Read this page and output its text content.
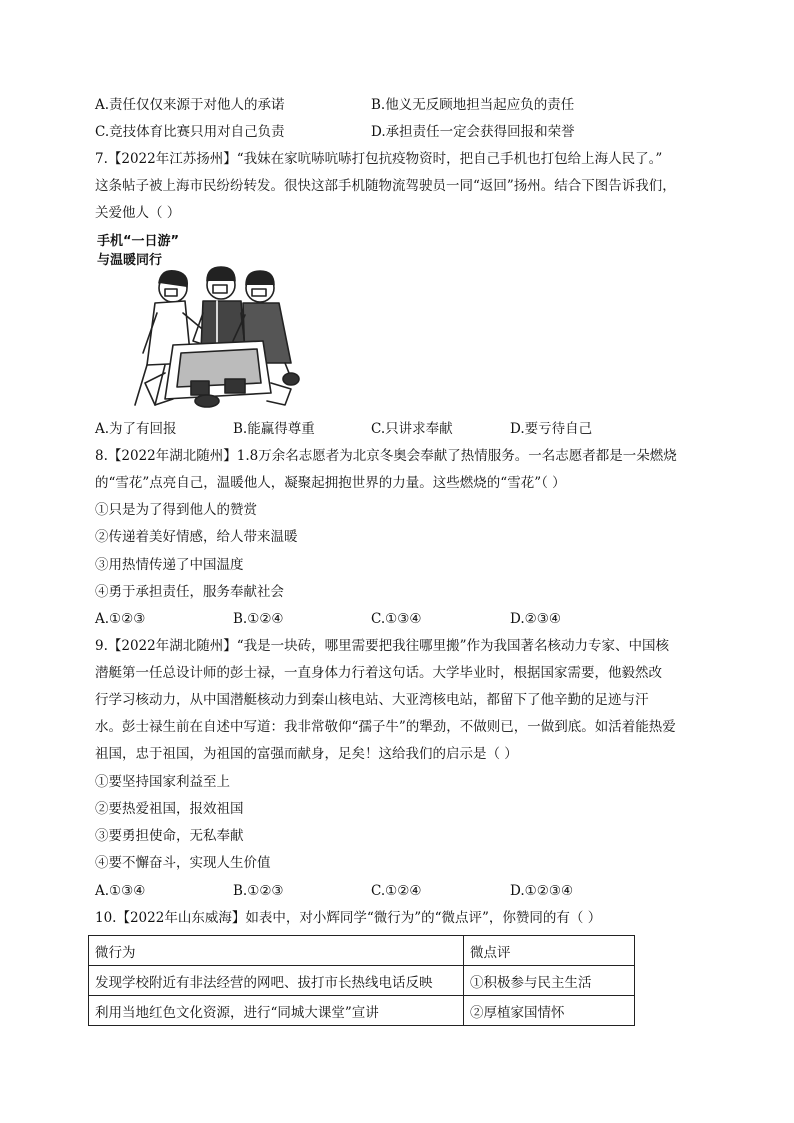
A.责任仅仅来源于对他人的承诺	B.他义无反顾地担当起应负的责任
C.竞技体育比赛只用对自己负责	D.承担责任一定会获得回报和荣誉
7.【2022年江苏扬州】“我妹在家吭哧吭哧打包抗疫物资时，把自己手机也打包给上海人民了。”
这条帖子被上海市民纷纷转发。很快这部手机随物流驾驶员一同“返回”扬州。结合下图告诉我们，
关爱他人（ ）
手机“一日游”
与温暖同行
A.为了有回报	B.能赢得尊重	C.只讲求奉献	D.要亏待自己
8.【2022年湖北随州】1.8万余名志愿者为北京冬奥会奉献了热情服务。一名志愿者都是一朵燃烧
的“雪花”点亮自己，温暖他人，凝聚起拥抱世界的力量。这些燃烧的“雪花”（ ）
①只是为了得到他人的赞赏
②传递着美好情感，给人带来温暖
③用热情传递了中国温度
④勇于承担责任，服务奉献社会
A.①②③	B.①②④	C.①③④	D.②③④
9.【2022年湖北随州】“我是一块砖，哪里需要把我往哪里搬”作为我国著名核动力专家、中国核
潜艇第一任总设计师的彭士禄，一直身体力行着这句话。大学毕业时，根据国家需要，他毅然改
行学习核动力，从中国潜艇核动力到秦山核电站、大亚湾核电站，都留下了他辛勤的足迹与汗
水。彭士禄生前在自述中写道：我非常敬仰“孺子牛”的犟劲，不做则已，一做到底。如活着能热爱
祖国，忠于祖国，为祖国的富强而献身，足矣！这给我们的启示是（ ）
①要坚持国家利益至上
②要热爱祖国，报效祖国
③要勇担使命，无私奉献
④要不懈奋斗，实现人生价值
A.①③④	B.①②③	C.①②④	D.①②③④
10.【2022年山东威海】如表中，对小辉同学“微行为”的“微点评”，你赞同的有（ ）
微行为	微点评
发现学校附近有非法经营的网吧、拔打市长热线电话反映	①积极参与民主生活
利用当地红色文化资源，进行“同城大课堂”宣讲	②厚植家国情怀
